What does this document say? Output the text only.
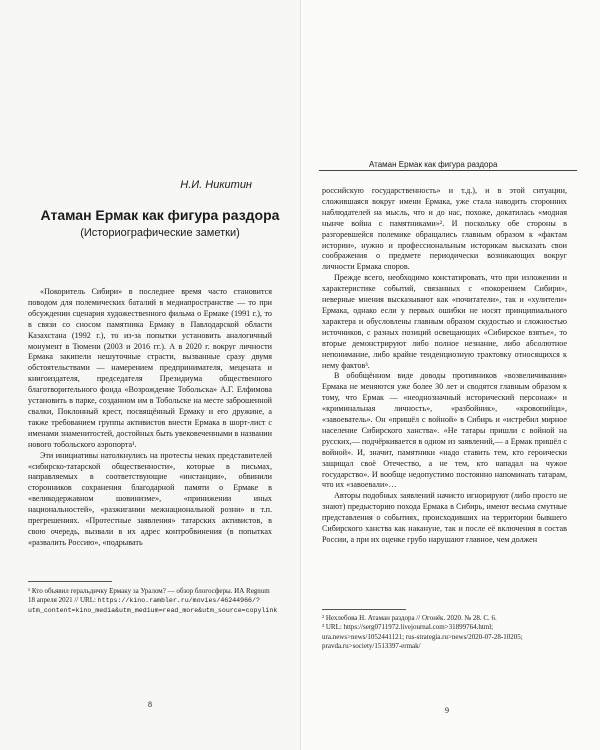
Н.И. Никитин
Атаман Ермак как фигура раздора
(Историографические заметки)

«Покоритель Сибири» в последнее время часто становится поводом для полемических баталий в медиапространстве — то при обсуждении сценария художественного фильма о Ермаке (1991 г.), то в связи со сносом памятника Ермаку в Павлодарской области Казахстана (1992 г.), то из-за попытки установить аналогичный монумент в Тюмени (2003 и 2016 гг.). А в 2020 г. вокруг личности Ермака закипели нешуточные страсти, вызванные сразу двумя обстоятельствами — намерением предпринимателя, мецената и книгоиздателя, председателя Президиума общественного благотворительного фонда «Возрождение Тобольска» А.Г. Елфимова установить в парке, созданном им в Тобольске на месте заброшенной свалки, Поклонный крест, посвящённый Ермаку и его дружине, а также требованием группы активистов внести Ермака в шорт-лист с именами знаменитостей, достойных быть увековеченными в названии нового тобольского аэропорта¹.

Эти инициативы натолкнулись на протесты неких представителей «сибирско-татарской общественности», которые в письмах, направляемых в соответствующие «инстанции», обвинили сторонников сохранения благодарной памяти о Ермаке в «великодержавном шовинизме», «принижении иных национальностей», «разжигании межнациональной розни» и т.п. прегрешениях. «Протестные заявления» татарских активистов, в свою очередь, вызвали в их адрес контробвинения (в попытках «развалить Россию», «подрывать

¹ Кто объявил геральдичку Ермаку за Уралом? — обзор блогосферы. ИА Regnum 18 апреля 2021 // URL: https://kino.rambler.ru/movies/46244966/?utm_content=kino_media&utm_medium=read_more&utm_source=copylink

8
Атаман Ермак как фигура раздора

российскую государственность» и т.д.), и в этой ситуации, сложившаяся вокруг имени Ермака, уже стала наводить сторонних наблюдателей на мысль, что и до нас, похоже, докатилась «модная нынче война с памятниками»². И поскольку обе стороны в разгоревшейся полемике обращались главным образом к «фактам истории», нужно и профессиональным историкам высказать свои соображения о предмете периодически возникающих вокруг личности Ермака споров.

Прежде всего, необходимо констатировать, что при изложении и характеристике событий, связанных с «покорением Сибири», неверные мнения высказывают как «почитатели», так и «хулители» Ермака, однако если у первых ошибки не носят принципиального характера и обусловлены главным образом скудостью и сложностью источников, с разных позиций освещающих «Сибирское взятье», то вторые демонстрируют либо полное незнание, либо абсолютное непонимание, либо крайне тенденциозную трактовку относящихся к нему фактов³.

В обобщённом виде доводы противников «возвеличивания» Ермака не меняются уже более 30 лет и сводятся главным образом к тому, что Ермак — «неоднозначный исторический персонаж» и «криминальная личность», «разбойник», «кровопийца», «завоеватель». Он «пришёл с войной» в Сибирь и «истребил мирное население Сибирского ханства». «Не татары пришли с войной на русских,— подчёркивается в одном из заявлений,— а Ермак пришёл с войной». И, значит, памятники «надо ставить тем, кто героически защищал своё Отечество, а не тем, кто нападал на чужое государство». И вообще недопустимо постоянно напоминать татарам, что их «завоевали»…

Авторы подобных заявлений начисто игнорируют (либо просто не знают) предысторию похода Ермака в Сибирь, имеют весьма смутные представления о событиях, происходивших на территории бывшего Сибирского ханства как накануне, так и после её включения в состав России, а при их оценке грубо нарушают главное, чем должен

² Нехлебова Н. Атаман раздора // Огонёк. 2020. № 28. С. 6.

³ URL: https://serg0711972.livejournal.com>31899764.html; ura.news>news/1052441121; rus-strategia.ru>news/2020-07-28-10205; pravda.ru>society/1513397-ermak/

9
